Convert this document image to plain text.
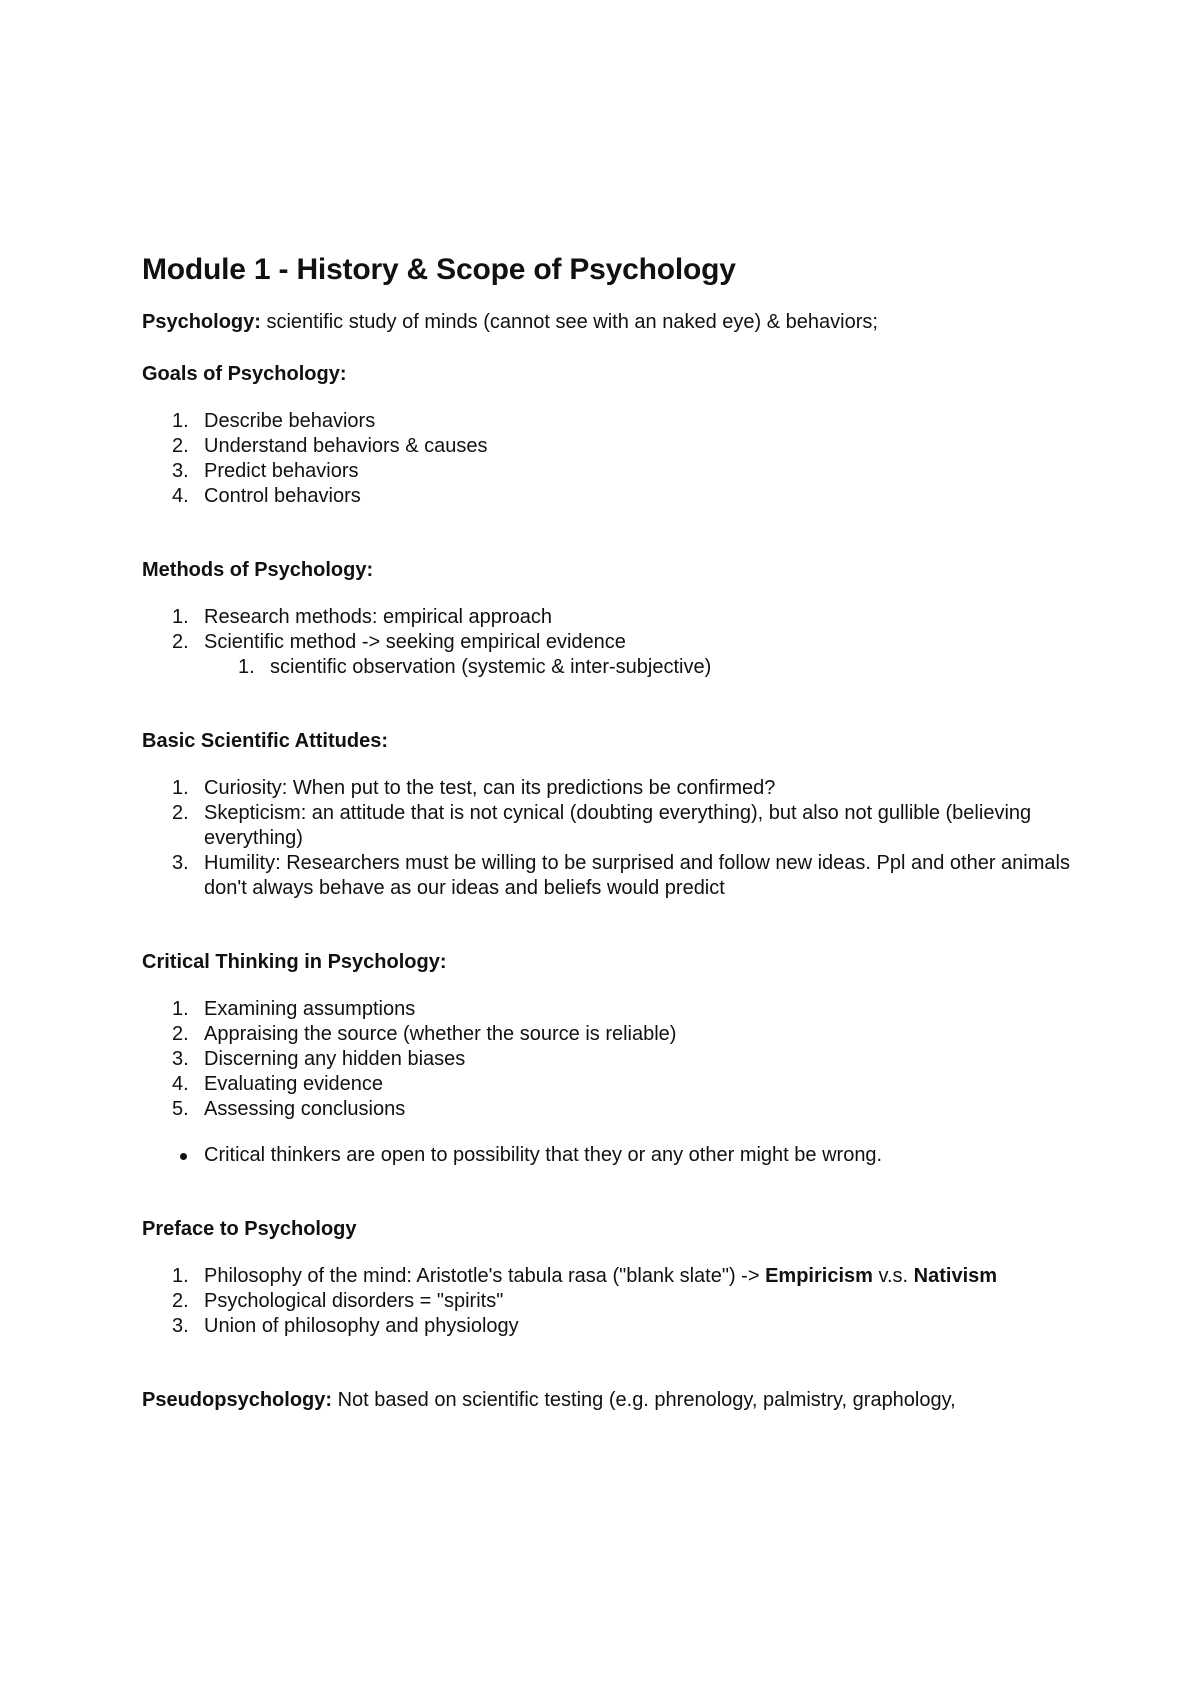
Module 1 - History & Scope of Psychology

Psychology: scientific study of minds (cannot see with an naked eye) & behaviors;

Goals of Psychology:
1. Describe behaviors
2. Understand behaviors & causes
3. Predict behaviors
4. Control behaviors
Methods of Psychology:
1. Research methods: empirical approach
2. Scientific method -> seeking empirical evidence
1. scientific observation (systemic & inter-subjective)
Basic Scientific Attitudes:
1. Curiosity: When put to the test, can its predictions be confirmed?
2. Skepticism: an attitude that is not cynical (doubting everything), but also not gullible (believing everything)
3. Humility: Researchers must be willing to be surprised and follow new ideas. Ppl and other animals don't always behave as our ideas and beliefs would predict
Critical Thinking in Psychology:
1. Examining assumptions
2. Appraising the source (whether the source is reliable)
3. Discerning any hidden biases
4. Evaluating evidence
5. Assessing conclusions
Critical thinkers are open to possibility that they or any other might be wrong.
Preface to Psychology
1. Philosophy of the mind: Aristotle's tabula rasa ("blank slate") -> Empiricism v.s. Nativism
2. Psychological disorders = "spirits"
3. Union of philosophy and physiology

Pseudopsychology: Not based on scientific testing (e.g. phrenology, palmistry, graphology,
